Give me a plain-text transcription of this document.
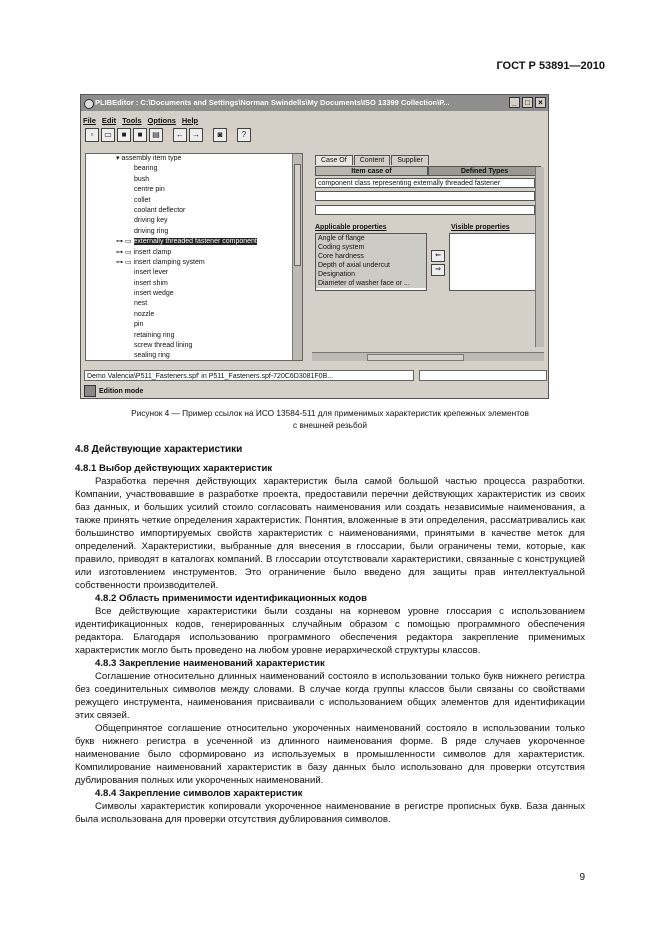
ГОСТ Р 53891—2010
PLIBEditor : C:\Documents and Settings\Norman Swindells\My Documents\ISO 13399 Collection\P...	_	□	×
File Edit Tools Options Help
▫	▭	■	■	▤	←	→	◙	?
▾ assembly item type
bearing
bush
centre pin
collet
coolant deflector
driving key
driving ring
⊶ ▭ externally threaded fastener component
⊶ ▭ insert clamp
⊶ ▭ insert clamping system
insert lever
insert shim
insert wedge
nest
nozzle
pin
retaining ring
screw thread lining
sealing ring
Case Of	Content	Supplier
Item case of	Defined Types
component class representing externally threaded fastener
Applicable properties	Visible properties
Angle of flange
Coding system
Core hardness
Depth of axial undercut
Designation
Diameter of washer face or ...
⇐
⇒
Demo Valencia\P511_Fasteners.spf' in P511_Fasteners.spf-720C6D3081F0B...
Edition mode
Рисунок 4 — Пример ссылок на ИСО 13584-511 для применимых характеристик крепежных элементов
с внешней резьбой
4.8 Действующие характеристики
4.8.1 Выбор действующих характеристик

Разработка перечня действующих характеристик была самой большой частью процесса разработки. Компании, участвовавшие в разработке проекта, предоставили перечни действующих характеристик из своих баз данных, и больших усилий стоило согласовать наименования или создать независимые наименования, а также принять четкие определения характеристик. Понятия, вложенные в эти определения, рассматривались как большинство импортируемых свойств характеристик с наименованиями, принятыми в качестве меток для определений. Характеристики, выбранные для внесения в глоссарии, были ограничены теми, которые, как правило, приводят в каталогах компаний. В глоссарии отсутствовали характеристики, связанные с конструкцией или изготовлением инструментов. Это ограничение было введено для защиты прав интеллектуальной собственности производителей.

4.8.2 Область применимости идентификационных кодов

Все действующие характеристики были созданы на корневом уровне глоссария с использованием идентификационных кодов, генерированных случайным образом с помощью программного обеспечения редактора. Благодаря использованию программного обеспечения редактора закрепление применимых характеристик могло быть проведено на любом уровне иерархической структуры классов.

4.8.3 Закрепление наименований характеристик

Соглашение относительно длинных наименований состояло в использовании только букв нижнего регистра без соединительных символов между словами. В случае когда группы классов были связаны со свойствами режущего инструмента, наименования присваивали с использованием общих элементов для идентификации этих связей.

Общепринятое соглашение относительно укороченных наименований состояло в использовании только букв нижнего регистра в усеченной из длинного наименования форме. В ряде случаев укороченное наименование было сформировано из используемых в промышленности символов для характеристик. Компилирование наименований характеристик в базу данных было использовано для проверки отсутствия дублирования полных или укороченных наименований.

4.8.4 Закрепление символов характеристик

Символы характеристик копировали укороченное наименование в регистре прописных букв. База данных была использована для проверки отсутствия дублирования символов.

9
